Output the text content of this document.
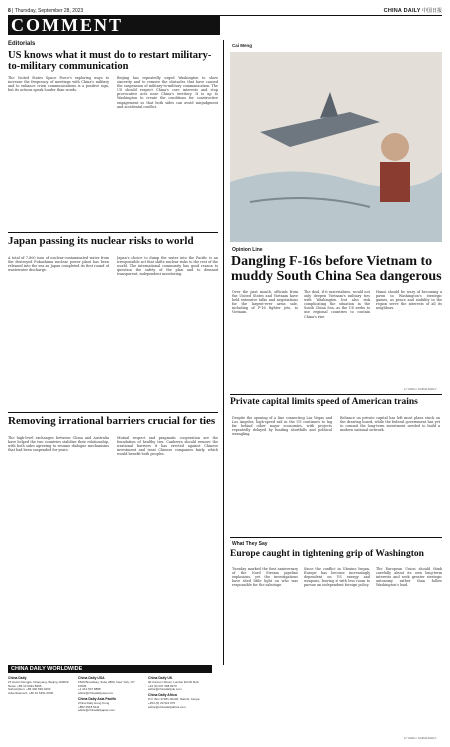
8 | Thursday, September 28, 2023	CHINA DAILY 中国日报
COMMENT
Editorials
US knows what it must do to restart military-to-military communication

The United States Space Force's exploring ways to increase the frequency of meetings with China's military and to enhance crisis communications is a positive sign, but its actions speak louder than words.

Beijing has repeatedly urged Washington to show sincerity and to remove the obstacles that have caused the suspension of military-to-military communication. The US should respect China's core interests and stop provocative acts near China's territory. It is up to Washington to create the conditions for constructive engagement so that both sides can avoid misjudgment and accidental conflict.

Japan passing its nuclear risks to world

A total of 7,800 tons of nuclear-contaminated water from the destroyed Fukushima nuclear power plant has been released into the sea as Japan completed its first round of wastewater discharge.

Japan's choice to dump the water into the Pacific is an irresponsible act that shifts nuclear risks to the rest of the world. The international community has good reason to question the safety of the plan and to demand transparent, independent monitoring.

Removing irrational barriers crucial for ties

The high-level exchanges between China and Australia have helped the two countries stabilize their relationship, with both sides agreeing to resume dialogue mechanisms that had been suspended for years.

Mutual respect and pragmatic cooperation are the foundation of healthy ties. Canberra should remove the irrational barriers it has erected against Chinese investment and treat Chinese companies fairly, which would benefit both peoples.

Cai Meng
Opinion Line
Dangling F-16s before Vietnam to muddy South China Sea dangerous

Over the past month, officials from the United States and Vietnam have held extensive talks and negotiations for the largest-ever arms sale, including of F-16 fighter jets, to Vietnam.

The deal, if it materializes, would not only deepen Vietnam's military ties with Washington but also risk complicating the situation in the South China Sea, as the US seeks to use regional countries to contain China's rise.

Hanoi should be wary of becoming a pawn in Washington's strategic games, as peace and stability in the region serve the interests of all its neighbors.

LI YANG / CHINA DAILY
Private capital limits speed of American trains

Despite the opening of a line connecting Las Vegas and Los Angeles, high-speed rail in the US continues to lag far behind other major economies, with projects repeatedly delayed by funding shortfalls and political wrangling.

Reliance on private capital has left most plans stuck on the drawing board, while the federal government has yet to commit the long-term investment needed to build a modern national network.

What They Say
Europe caught in tightening grip of Washington

Tuesday marked the first anniversary of the Nord Stream pipeline explosions, yet the investigations have shed little light on who was responsible for the sabotage.

Since the conflict in Ukraine began, Europe has become increasingly dependent on US energy and weapons, leaving it with less room to pursue an independent foreign policy.

The European Union should think carefully about its own long-term interests and seek greater strategic autonomy rather than follow Washington's lead.

LI YANG / CHINA DAILY
CHINA DAILY WORLDWIDE
China Daily
15 Huixin Dongjie, Chaoyang, Beijing 100029
News: +86 10 6491 8366
Subscription: +86 400 699 0203
Advertisement: +86 10 6491 0000
China Daily USA
1500 Broadway, Suite 2800, New York, NY 10036
+1 212 537 8888
editor@chinadailyusa.com
China Daily Asia Pacific
China Daily Hong Kong
+852 2518 5111
editor@chinadailyapac.com
China Daily UK
90 Cannon Street, London EC4N 6HA
+44 (0) 207 398 8270
editor@chinadailyuk.com
China Daily Africa
P.O. Box 27281-00100, Nairobi, Kenya
+254 (0) 20 522 675
editor@chinadailyafrica.com
